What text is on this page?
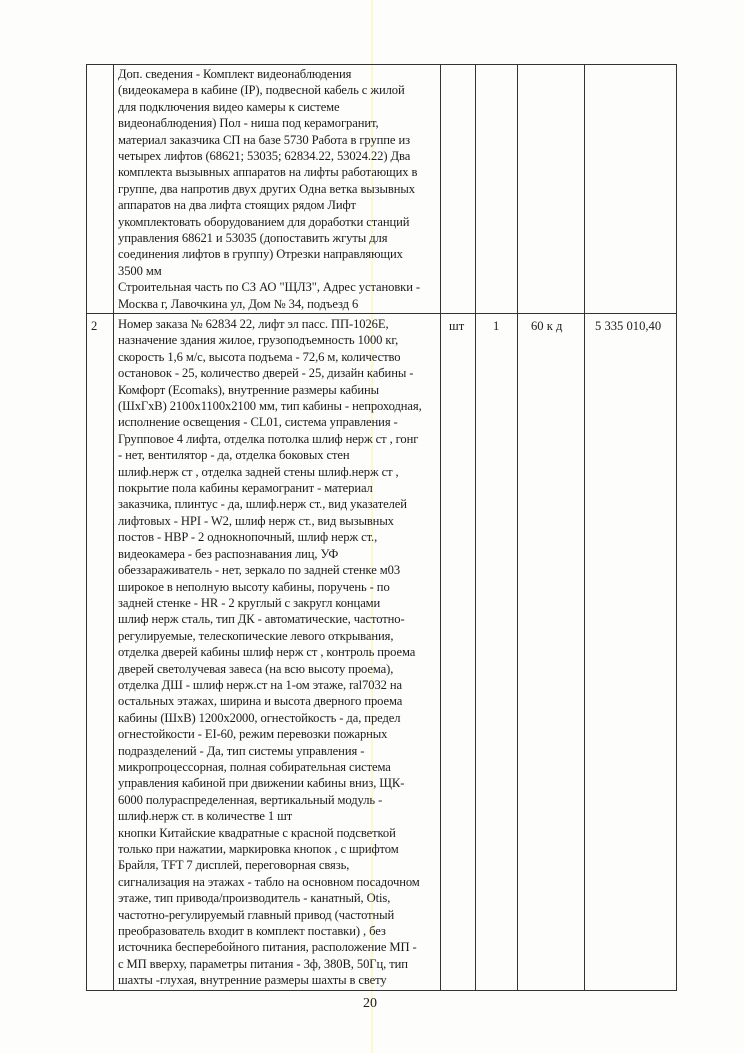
Доп. сведения - Комплект видеонаблюдения
(видеокамера в кабине (IP), подвесной кабель с жилой
для подключения видео камеры к системе
видеонаблюдения) Пол - ниша под керамогранит,
материал заказчика СП на базе 5730 Работа в группе из
четырех лифтов (68621; 53035; 62834.22, 53024.22) Два
комплекта вызывных аппаратов на лифты работающих в
группе, два напротив двух других Одна ветка вызывных
аппаратов на два лифта стоящих рядом Лифт
укомплектовать оборудованием для доработки станций
управления 68621 и 53035 (допоставить жгуты для
соединения лифтов в группу) Отрезки направляющих
3500 мм
Строительная часть по СЗ АО "ЩЛЗ", Адрес установки -
Москва г, Лавочкина ул, Дом № 34, подъезд 6
2 Номер заказа № 62834 22, лифт эл пасс. ПП-1026Е,
назначение здания жилое, грузоподъемность 1000 кг,
скорость 1,6 м/с, высота подъема - 72,6 м, количество
остановок - 25, количество дверей - 25, дизайн кабины -
Комфорт (Ecomaks), внутренние размеры кабины
(ШхГхВ) 2100x1100x2100 мм, тип кабины - непроходная,
исполнение освещения - CL01, система управления -
Групповое 4 лифта, отделка потолка шлиф нерж ст , гонг
- нет, вентилятор - да, отделка боковых стен
шлиф.нерж ст , отделка задней стены шлиф.нерж ст ,
покрытие пола кабины керамогранит - материал
заказчика, плинтус - да, шлиф.нерж ст., вид указателей
лифтовых - HPI - W2, шлиф нерж ст., вид вызывных
постов - HBP - 2 однокнопочный, шлиф нерж ст.,
видеокамера - без распознавания лиц, УФ
обеззараживатель - нет, зеркало по задней стенке м03
широкое в неполную высоту кабины, поручень - по
задней стенке - HR - 2 круглый с закругл концами
шлиф нерж сталь, тип ДК - автоматические, частотно-
регулируемые, телескопические левого открывания,
отделка дверей кабины шлиф нерж ст , контроль проема
дверей светолучевая завеса (на всю высоту проема),
отделка ДШ - шлиф нерж.ст на 1-ом этаже, ral7032 на
остальных этажах, ширина и высота дверного проема
кабины (ШхВ) 1200x2000, огнестойкость - да, предел
огнестойкости - EI-60, режим перевозки пожарных
подразделений - Да, тип системы управления -
микропроцессорная, полная собирательная система
управления кабиной при движении кабины вниз, ЩК-
6000 полураспределенная, вертикальный модуль -
шлиф.нерж ст. в количестве 1 шт
кнопки Китайские квадратные с красной подсветкой
только при нажатии, маркировка кнопок , с шрифтом
Брайля, TFT 7 дисплей, переговорная связь,
сигнализация на этажах - табло на основном посадочном
этаже, тип привода/производитель - канатный, Otis,
частотно-регулируемый главный привод (частотный
преобразователь входит в комплект поставки) , без
источника бесперебойного питания, расположение МП -
с МП вверху, параметры питания - 3ф, 380В, 50Гц, тип
шахты -глухая, внутренние размеры шахты в свету
шт 1	60 к д	5 335 010,40
20
